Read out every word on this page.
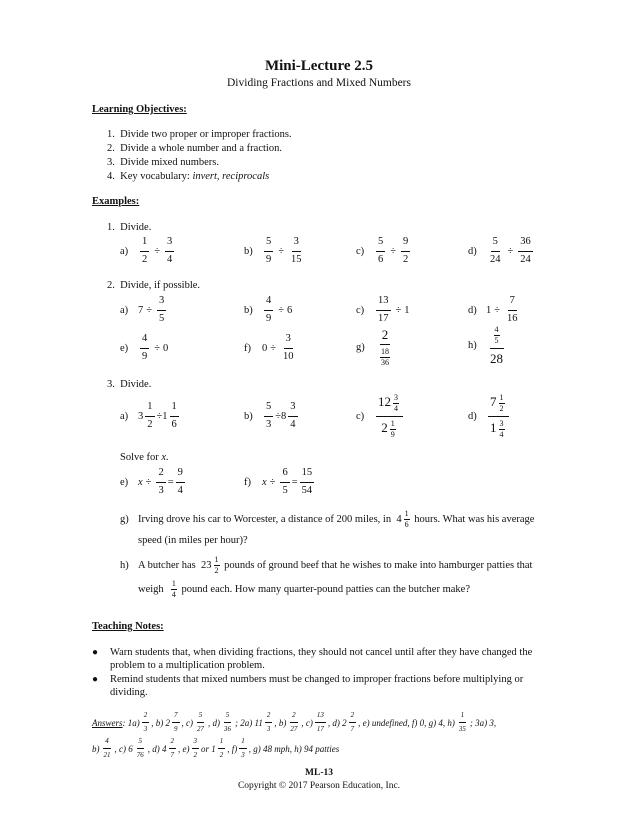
Mini-Lecture 2.5
Dividing Fractions and Mixed Numbers
Learning Objectives:
1. Divide two proper or improper fractions.
2. Divide a whole number and a fraction.
3. Divide mixed numbers.
4. Key vocabulary: invert, reciprocals
Examples:
1. Divide.
a)	$\frac{1}{2} \div \frac{3}{4}$	b)	$\frac{5}{9} \div \frac{3}{15}$	c)	$\frac{5}{6} \div \frac{9}{2}$	d)	$\frac{5}{24} \div \frac{36}{24}$
2. Divide, if possible.
a) $7 \div \frac{3}{5}$	b)	$\frac{4}{9} \div 6$	c)	$\frac{13}{17} \div 1$	d) $1 \div \frac{7}{16}$
e)	$\frac{4}{9} \div 0$	f)	$0 \div \frac{3}{10}$	$g) \frac{2}{\frac{18}{36}}$	h)	$\frac{\frac{4}{5}}{28}$
3. Divide.
a) $3 \frac{1}{2} \div 1 \frac{1}{6}$	b)	$\frac{5}{3} \div 8 \frac{3}{4}$	$c) \frac{12 \frac{3}{4}}{2 \frac{1}{9}}$	$d) \frac{7 \frac{1}{2}}{1 \frac{3}{4}}$
Solve for x.
e) $x \div \frac{2}{3} = \frac{9}{4}$	f)	$x \div \frac{6}{5} = \frac{15}{54}$
g) Irving drove his car to Worcester, a distance of 200 miles, in
$4 \frac{1}{6}$
hours. What was his average
speed (in miles per hour)?
h) A butcher has
$23 \frac{1}{2}$
pounds of ground beef that he wishes to make into hamburger patties that
weigh
$\frac{1}{4}$
pound each. How many quarter-pound patties can the butcher make?
Teaching Notes:
● Warn students that, when dividing fractions, they should not cancel until after they have changed the
problem to a multiplication problem.
● Remind students that mixed numbers must be changed to improper fractions before multiplying or
dividing.
Answers : $1a) \frac{2}{3}$ , b)
$2 \frac{7}{9}$ , $c) \frac{5}{27}$ , $d) \frac{5}{36}$ ; 2a)
$11 \frac{2}{3}$ , $b) \frac{2}{27}$ , $c) \frac{13}{17}$ , d)
$2 \frac{2}{7}$ , e) undefined, f) 0, g) 4, $h) \frac{1}{35}$ ; 3a) 3,
$b) \frac{4}{21}$ , c)
$6 \frac{5}{76}$ , d)
$4 \frac{2}{7}$ , $e) \frac{3}{2}$ or
$1 \frac{1}{2}$ , $f) \frac{1}{3}$ , g) 48 mph, h) 94 patties
ML-13
Copyright © 2017 Pearson Education, Inc.
